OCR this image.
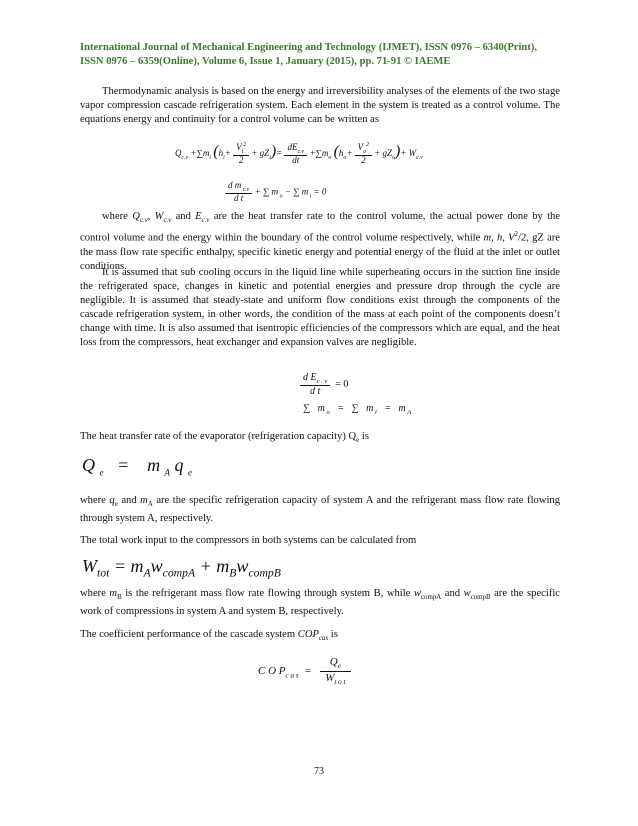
International Journal of Mechanical Engineering and Technology (IJMET), ISSN 0976 – 6340(Print),
ISSN 0976 – 6359(Online), Volume 6, Issue 1, January (2015), pp. 71-91 © IAEME
Thermodynamic analysis is based on the energy and irreversibility analyses of the elements of the two stage vapor compression cascade refrigeration system. Each element in the system is treated as a control volume. The equations energy and continuity for a control volume can be written as
$Q_{c.v} +\sum m_i$ $(h_i+ \frac{V_i^2}{2} + gZ_i)= \frac{dE_{c.v}}{dt} +\sum m_o$ $(h_o+ \frac{V_o^2}{2} + gZ_o)+ W_{c.v}$
$\frac{d m _{c.v}}{\text{d t}}$ + ∑ m $_o$ − ∑ m $_i$ = 0
where $Q_{c.v}$, $W_{c.v}$ and $E_{c.v}$ are the heat transfer rate to the control volume, the actual power done by the control volume and the energy within the boundary of the control volume respectively, while m, h, $V^2/2$, gZ are the mass flow rate specific enthalpy, specific kinetic energy and potential energy of the fluid at the inlet or outlet conditions.
It is assumed that sub cooling occurs in the liquid line while superheating occurs in the suction line inside the refrigerated space, changes in kinetic and potential energies and pressure drop through the cycle are negligible. It is assumed that steady-state and uniform flow conditions exist through the components of the cascade refrigeration system, in other words, the condition of the mass at each point of the components doesn’t change with time. It is also assumed that isentropic efficiencies of the compressors which are equal, and the heat loss from the compressors, heat exchanger and expansion valves are negligible.
$\frac{d E_{c . v}}{\text{d t}} = 0$
∑   m $_o$   =   ∑   m $_i$   =   m $_A$
The heat transfer rate of the evaporator (refrigeration capacity) $Q_e$ is
Q  $_e$   =    m  $_A$ q  $_e$
where $q_e$ and $m_A$ are the specific refrigeration capacity of system A and the refrigerant mass flow rate flowing through system A, respectively.
The total work input to the compressors in both systems can be calculated from
$W_{tot} = m_Aw_{compA} + m_Bw_{compB}$
where $m_B$ is the refrigerant mass flow rate flowing through system B, while $w_{compA}$ and $w_{compB}$ are the specific work of compressions in system A and system B, respectively.
The coefficient performance of the cascade system $COP_{cas}$ is
C O $P_{c a s} = \frac{Q_e}{W_{t o t}}$
73
